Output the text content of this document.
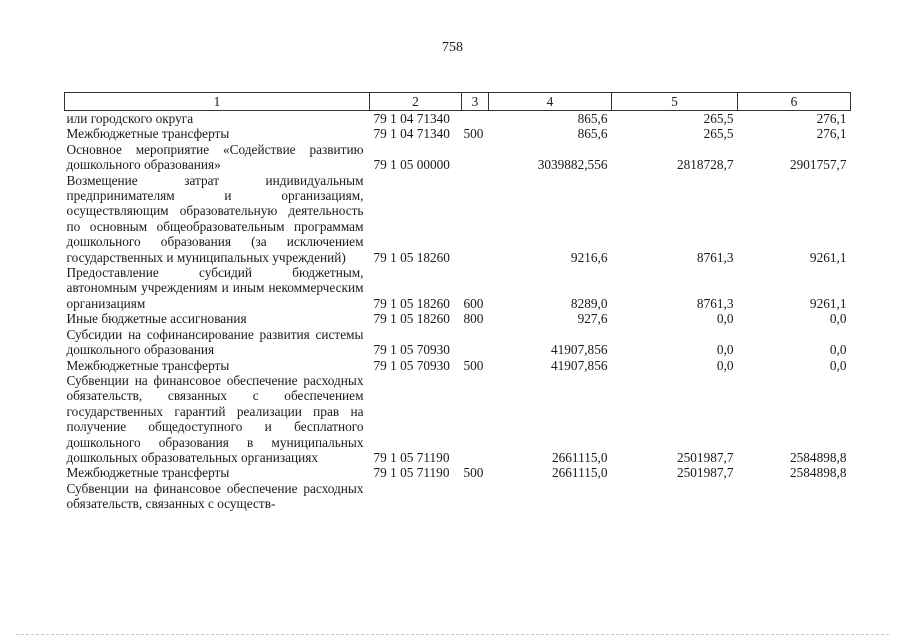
758
1	2	3	4	5	6
или городского округа	79 1 04 71340		865,6	265,5	276,1
Межбюджетные трансферты	79 1 04 71340	500	865,6	265,5	276,1
Основное мероприятие «Содействие развитию дошкольного образования»	79 1 05 00000		3039882,556	2818728,7	2901757,7
Возмещение затрат индивидуальным предпринимателям и организациям, осуществляющим образовательную деятельность по основным общеобразовательным программам дошкольного образования (за исключением государственных и муниципальных учреждений)	79 1 05 18260		9216,6	8761,3	9261,1
Предоставление субсидий бюджетным, автономным учреждениям и иным некоммерческим организациям	79 1 05 18260	600	8289,0	8761,3	9261,1
Иные бюджетные ассигнования	79 1 05 18260	800	927,6	0,0	0,0
Субсидии на софинансирование развития системы дошкольного образования	79 1 05 70930		41907,856	0,0	0,0
Межбюджетные трансферты	79 1 05 70930	500	41907,856	0,0	0,0
Субвенции на финансовое обеспечение расходных обязательств, связанных с обеспечением государственных гарантий реализации прав на получение общедоступного и бесплатного дошкольного образования в муниципальных дошкольных образовательных организациях	79 1 05 71190		2661115,0	2501987,7	2584898,8
Межбюджетные трансферты	79 1 05 71190	500	2661115,0	2501987,7	2584898,8
Субвенции на финансовое обеспечение расходных обязательств, связанных с осуществ-					
